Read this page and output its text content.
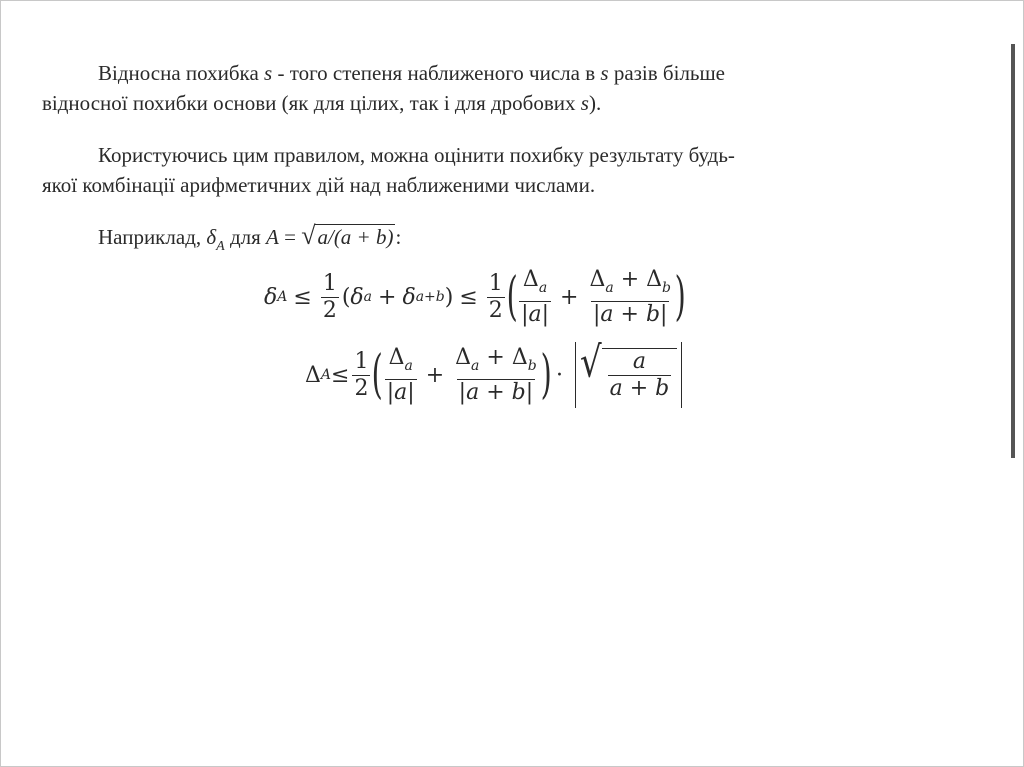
Відносна похибка s - того степеня наближеного числа в s разів більше
відносної похибки основи (як для цілих, так і для дробових s).
Користуючись цим правилом, можна оцінити похибку результату будь-
якої комбінації арифметичних дій над наближеними числами.
Наприклад, $\delta_A$ для A = √a/(a + b):
δ $A \le \frac{1}{2}$ ( δ a + δ a+b ) ≤ $\frac{1}{2}$ ( $\frac{\Delta_a}{|a|} + \frac{\Delta_a + \Delta_b}{|a + b|}$ )
Δ $A \le \frac{1}{2}$ ( $\frac{\Delta_a}{|a|} + \frac{\Delta_a + \Delta_b}{|a + b|}$ ) · √ $\frac{a}{a + b}$
